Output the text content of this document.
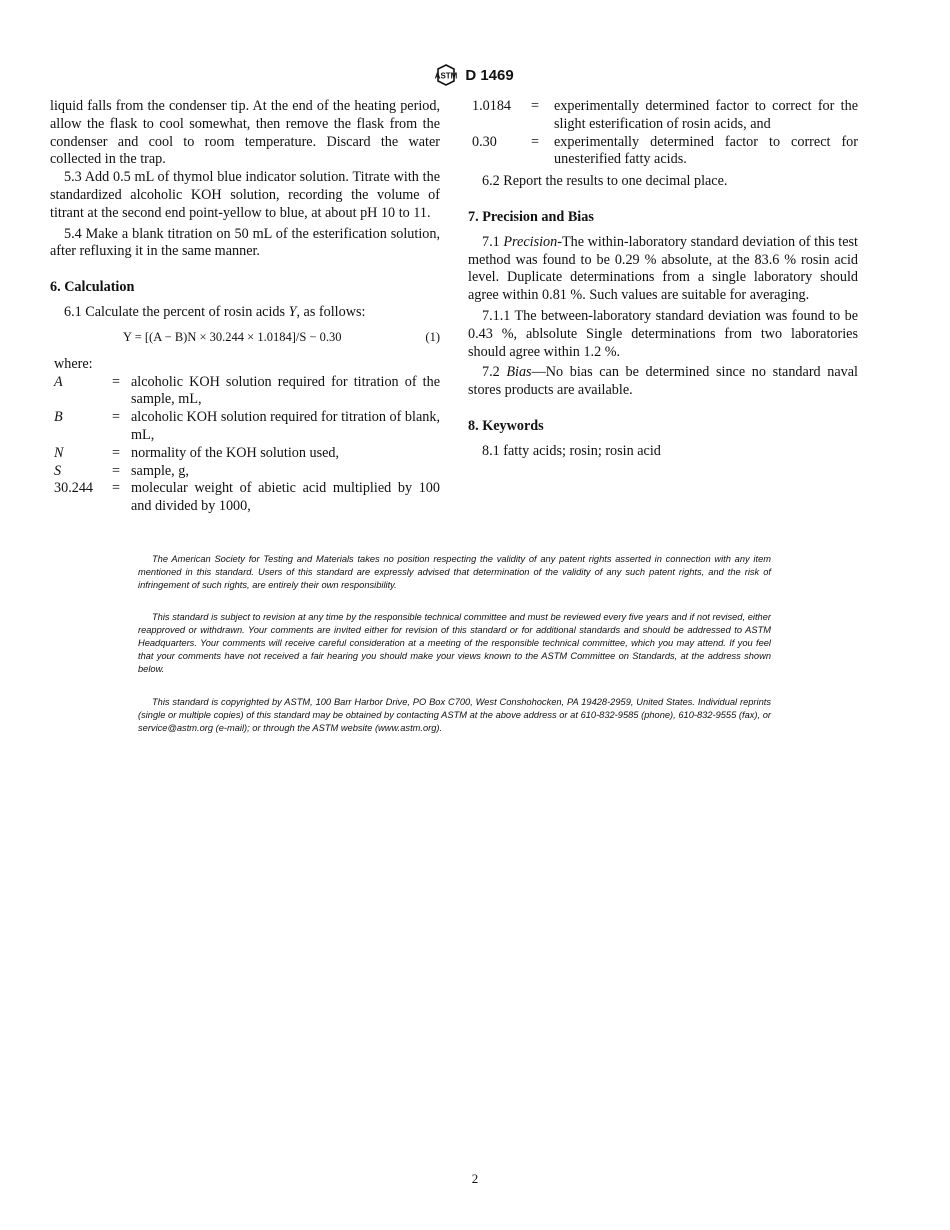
ASTM D 1469

liquid falls from the condenser tip. At the end of the heating period, allow the flask to cool somewhat, then remove the flask from the condenser and cool to room temperature. Discard the water collected in the trap.

5.3 Add 0.5 mL of thymol blue indicator solution. Titrate with the standardized alcoholic KOH solution, recording the volume of titrant at the second end point-yellow to blue, at about pH 10 to 11.

5.4 Make a blank titration on 50 mL of the esterification solution, after refluxing it in the same manner.

6. Calculation

6.1 Calculate the percent of rosin acids Y, as follows:

Y = [(A − B)N × 30.244 × 1.0184]/S − 0.30	(1)

where:

A	= alcoholic KOH solution required for titration of the sample, mL,
B	= alcoholic KOH solution required for titration of blank, mL,
N	= normality of the KOH solution used,
S	= sample, g,
30.244	= molecular weight of abietic acid multiplied by 100 and divided by 1000,
1.0184	=	experimentally determined factor to correct for the slight esterification of rosin acids, and
0.30	=	experimentally determined factor to correct for unesterified fatty acids.

6.2 Report the results to one decimal place.

7. Precision and Bias

7.1 Precision-The within-laboratory standard deviation of this test method was found to be 0.29 % absolute, at the 83.6 % rosin acid level. Duplicate determinations from a single laboratory should agree within 0.81 %. Such values are suitable for averaging.

7.1.1 The between-laboratory standard deviation was found to be 0.43 %, ablsolute Single determinations from two laboratories should agree within 1.2 %.

7.2 Bias—No bias can be determined since no standard naval stores products are available.

8. Keywords

8.1 fatty acids; rosin; rosin acid

The American Society for Testing and Materials takes no position respecting the validity of any patent rights asserted in connection with any item mentioned in this standard. Users of this standard are expressly advised that determination of the validity of any such patent rights, and the risk of infringement of such rights, are entirely their own responsibility.

This standard is subject to revision at any time by the responsible technical committee and must be reviewed every five years and if not revised, either reapproved or withdrawn. Your comments are invited either for revision of this standard or for additional standards and should be addressed to ASTM Headquarters. Your comments will receive careful consideration at a meeting of the responsible technical committee, which you may attend. If you feel that your comments have not received a fair hearing you should make your views known to the ASTM Committee on Standards, at the address shown below.

This standard is copyrighted by ASTM, 100 Barr Harbor Drive, PO Box C700, West Conshohocken, PA 19428-2959, United States. Individual reprints (single or multiple copies) of this standard may be obtained by contacting ASTM at the above address or at 610-832-9585 (phone), 610-832-9555 (fax), or service@astm.org (e-mail); or through the ASTM website (www.astm.org).

2
